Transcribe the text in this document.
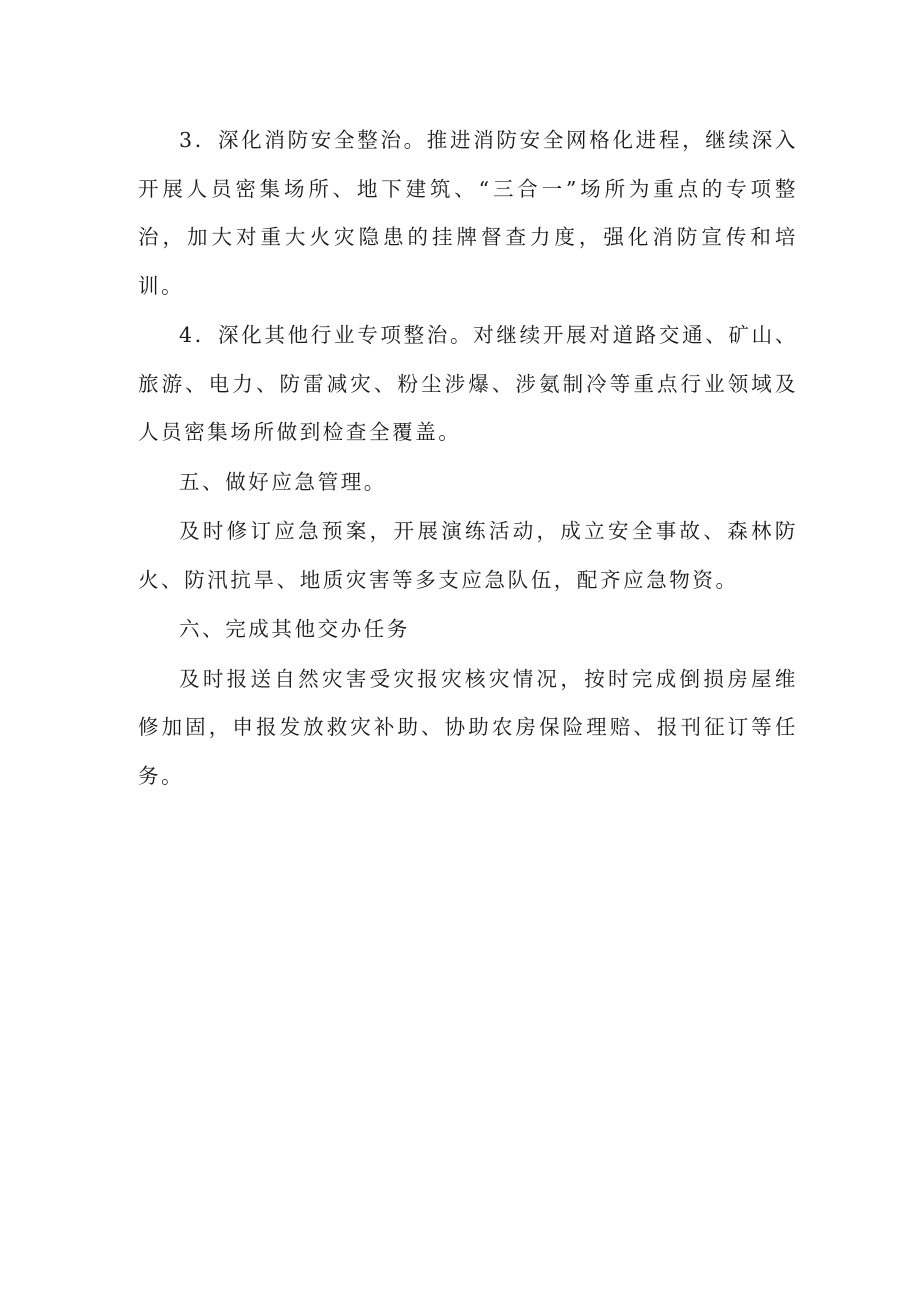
3．深化消防安全整治。推进消防安全网格化进程，继续深入开展人员密集场所、地下建筑、“三合一”场所为重点的专项整治，加大对重大火灾隐患的挂牌督查力度，强化消防宣传和培训。

4．深化其他行业专项整治。对继续开展对道路交通、矿山、旅游、电力、防雷减灾、粉尘涉爆、涉氨制冷等重点行业领域及人员密集场所做到检查全覆盖。

五、做好应急管理。

及时修订应急预案，开展演练活动，成立安全事故、森林防火、防汛抗旱、地质灾害等多支应急队伍，配齐应急物资。

六、完成其他交办任务

及时报送自然灾害受灾报灾核灾情况，按时完成倒损房屋维修加固，申报发放救灾补助、协助农房保险理赔、报刊征订等任务。
